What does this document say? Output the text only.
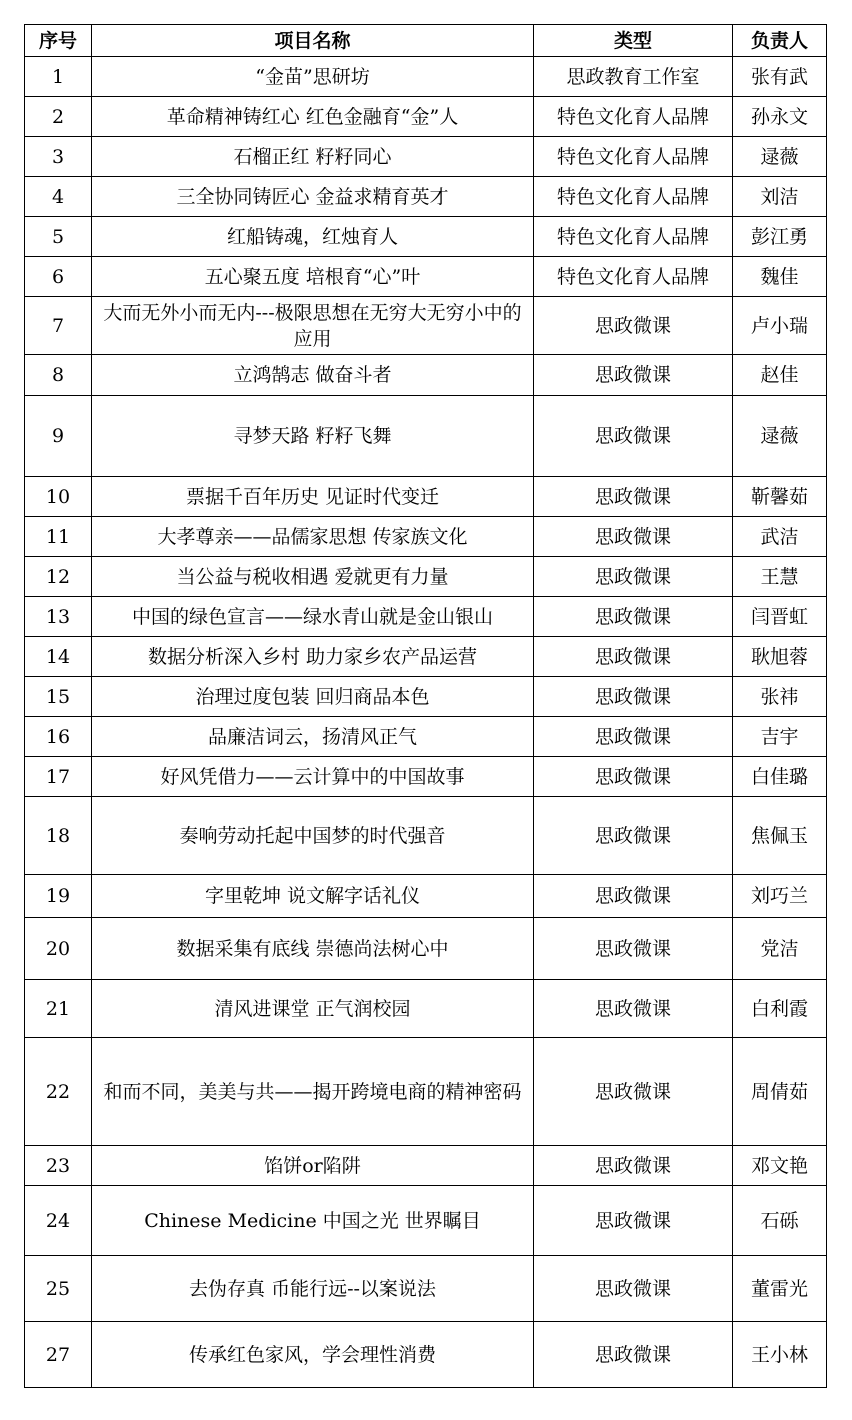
序号	项目名称	类型	负责人
1	“金苗”思研坊	思政教育工作室	张有武
2	革命精神铸红心 红色金融育“金”人	特色文化育人品牌	孙永文
3	石榴正红 籽籽同心	特色文化育人品牌	逯薇
4	三全协同铸匠心 金益求精育英才	特色文化育人品牌	刘洁
5	红船铸魂，红烛育人	特色文化育人品牌	彭江勇
6	五心聚五度 培根育“心”叶	特色文化育人品牌	魏佳
7	大而无外小而无内---极限思想在无穷大无穷小中的应用	思政微课	卢小瑞
8	立鸿鹄志 做奋斗者	思政微课	赵佳
9	寻梦天路 籽籽飞舞	思政微课	逯薇
10	票据千百年历史 见证时代变迁	思政微课	靳馨茹
11	大孝尊亲——品儒家思想 传家族文化	思政微课	武洁
12	当公益与税收相遇 爱就更有力量	思政微课	王慧
13	中国的绿色宣言——绿水青山就是金山银山	思政微课	闫晋虹
14	数据分析深入乡村 助力家乡农产品运营	思政微课	耿旭蓉
15	治理过度包装 回归商品本色	思政微课	张祎
16	品廉洁词云，扬清风正气	思政微课	吉宇
17	好风凭借力——云计算中的中国故事	思政微课	白佳璐
18	奏响劳动托起中国梦的时代强音	思政微课	焦佩玉
19	字里乾坤 说文解字话礼仪	思政微课	刘巧兰
20	数据采集有底线 崇德尚法树心中	思政微课	党洁
21	清风进课堂 正气润校园	思政微课	白利霞
22	和而不同，美美与共——揭开跨境电商的精神密码	思政微课	周倩茹
23	馅饼or陷阱	思政微课	邓文艳
24	Chinese Medicine 中国之光 世界瞩目	思政微课	石砾
25	去伪存真 币能行远--以案说法	思政微课	董雷光
27	传承红色家风，学会理性消费	思政微课	王小林
